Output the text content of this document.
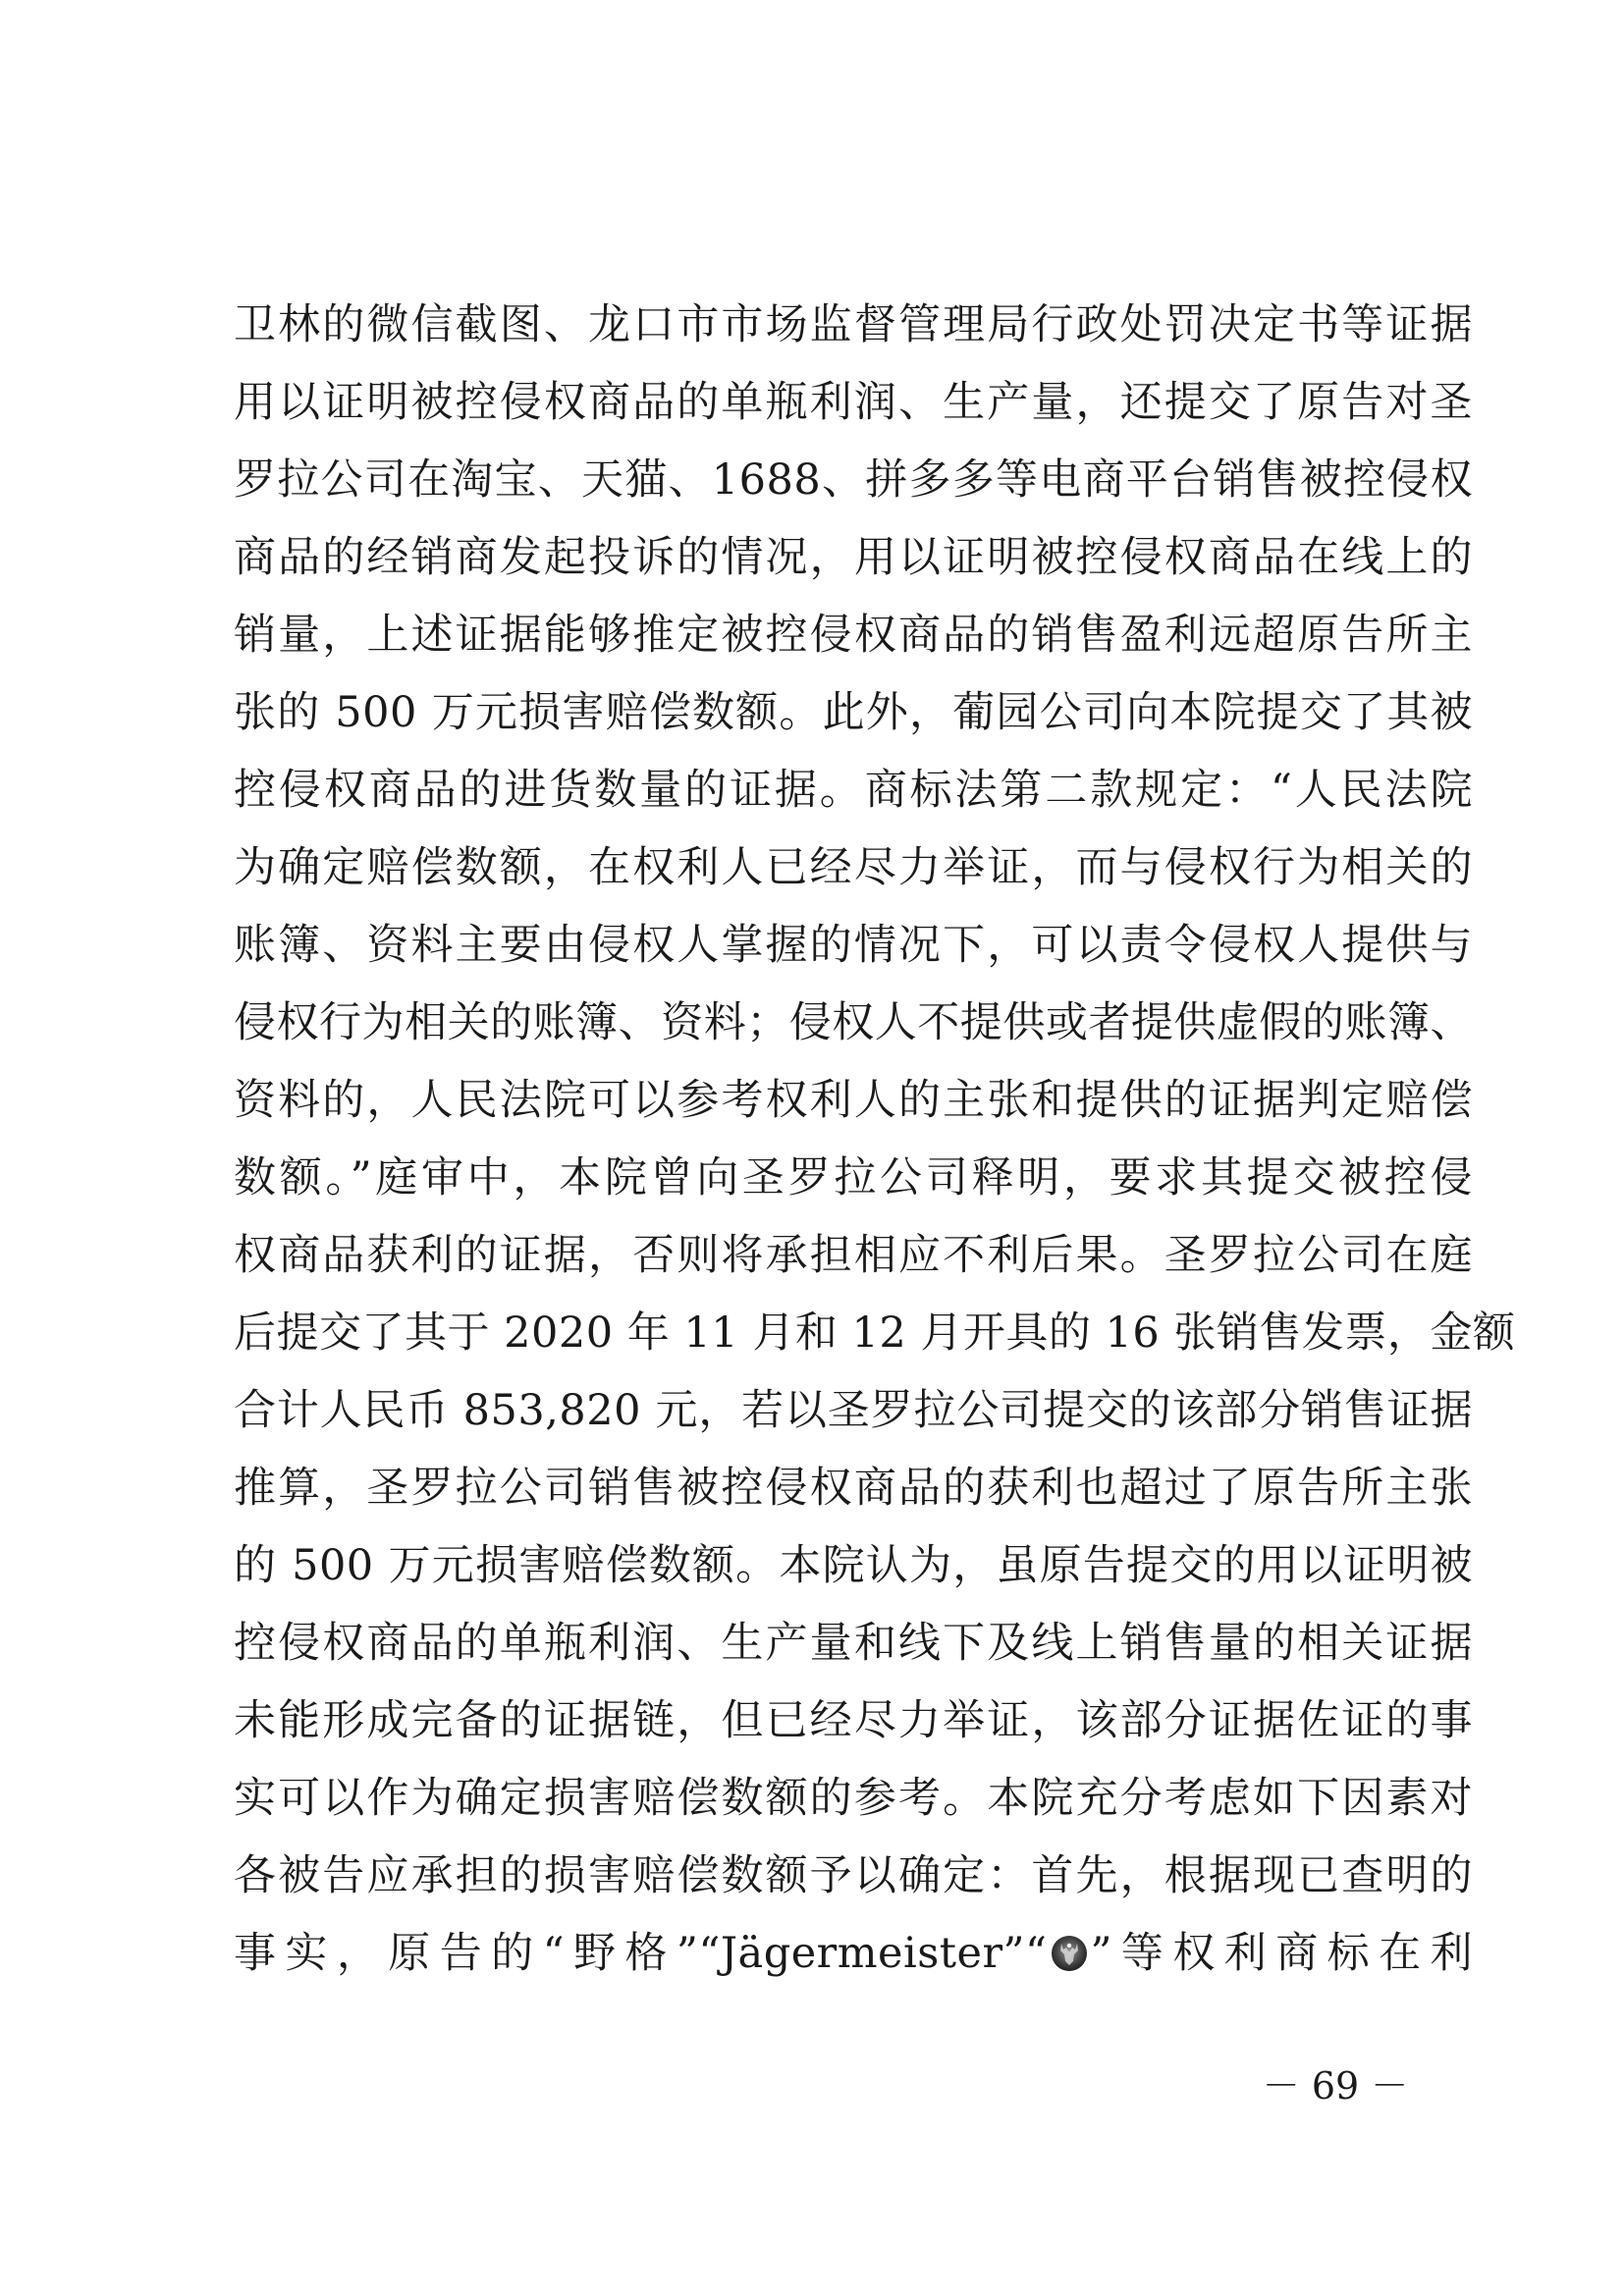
卫林的微信截图、龙口市市场监督管理局行政处罚决定书等证据
用以证明被控侵权商品的单瓶利润、生产量，还提交了原告对圣
罗拉公司在淘宝、天猫、1688、拼多多等电商平台销售被控侵权
商品的经销商发起投诉的情况，用以证明被控侵权商品在线上的
销量，上述证据能够推定被控侵权商品的销售盈利远超原告所主
张的 500 万元损害赔偿数额。此外，葡园公司向本院提交了其被
控侵权商品的进货数量的证据。商标法第二款规定：“人民法院
为确定赔偿数额，在权利人已经尽力举证，而与侵权行为相关的
账簿、资料主要由侵权人掌握的情况下，可以责令侵权人提供与
侵权行为相关的账簿、资料；侵权人不提供或者提供虚假的账簿、
资料的，人民法院可以参考权利人的主张和提供的证据判定赔偿
数额。”庭审中，本院曾向圣罗拉公司释明，要求其提交被控侵
权商品获利的证据，否则将承担相应不利后果。圣罗拉公司在庭
后提交了其于 2020 年 11 月和 12 月开具的 16 张销售发票，金额
合计人民币 853,820 元，若以圣罗拉公司提交的该部分销售证据
推算，圣罗拉公司销售被控侵权商品的获利也超过了原告所主张
的 500 万元损害赔偿数额。本院认为，虽原告提交的用以证明被
控侵权商品的单瓶利润、生产量和线下及线上销售量的相关证据
未能形成完备的证据链，但已经尽力举证，该部分证据佐证的事
实可以作为确定损害赔偿数额的参考。本院充分考虑如下因素对
各被告应承担的损害赔偿数额予以确定：首先，根据现已查明的
事实，原告的“野格”“Jägermeister”“ ”等权利商标在利
－ 69 －
